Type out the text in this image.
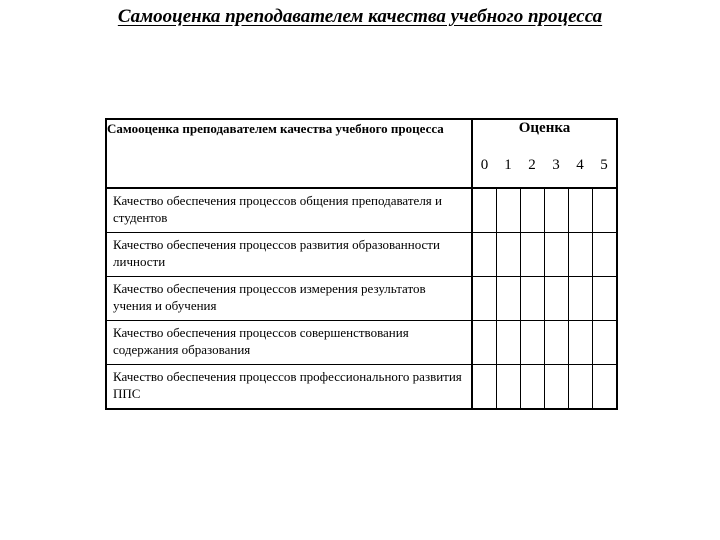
Самооценка преподавателем качества учебного процесса
Самооценка преподавателем качества учебного процесса	Оценка					
	0	1	2	3	4	5
Качество обеспечения процессов общения преподавателя и студентов						
Качество обеспечения процессов развития образованности личности						
Качество обеспечения процессов измерения результатов учения и обучения						
Качество обеспечения процессов совершенствования содержания образования						
Качество обеспечения процессов профессионального развития ППС						
